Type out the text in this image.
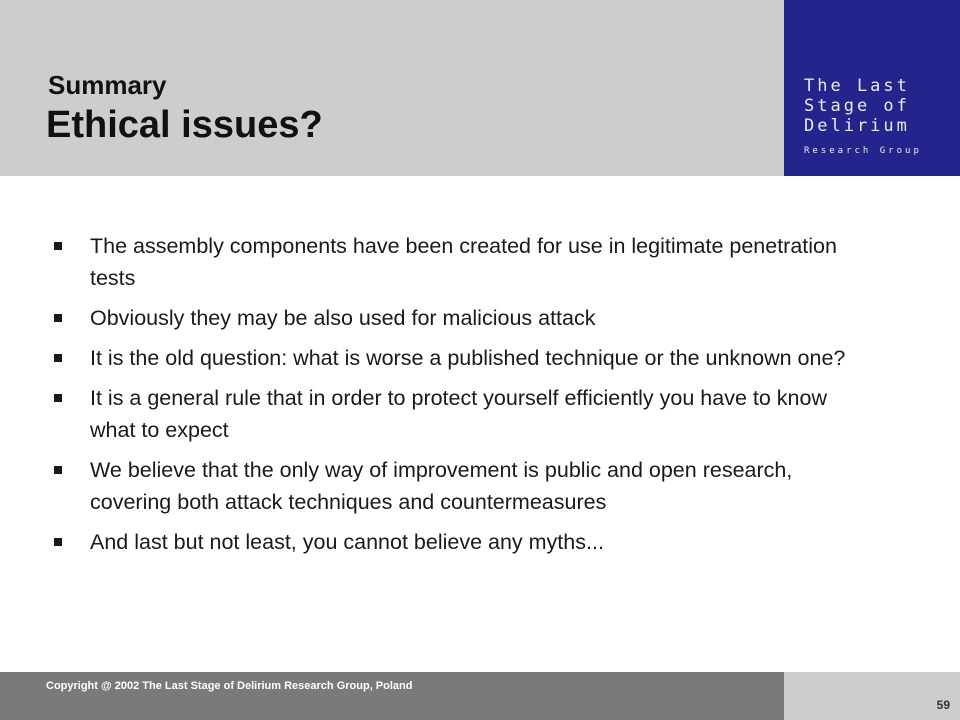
Summary
Ethical issues?
The Last
Stage of
Delirium
Research Group
The assembly components have been created for use in legitimate penetration tests
Obviously they may be also used for malicious attack
It is the old question: what is worse a published technique or the unknown one?
It is a general rule that in order to protect yourself efficiently you have to know what to expect
We believe that the only way of improvement is public and open research, covering both attack techniques and countermeasures
And last but not least, you cannot believe any myths...
Copyright @ 2002 The Last Stage of Delirium Research Group, Poland
59
